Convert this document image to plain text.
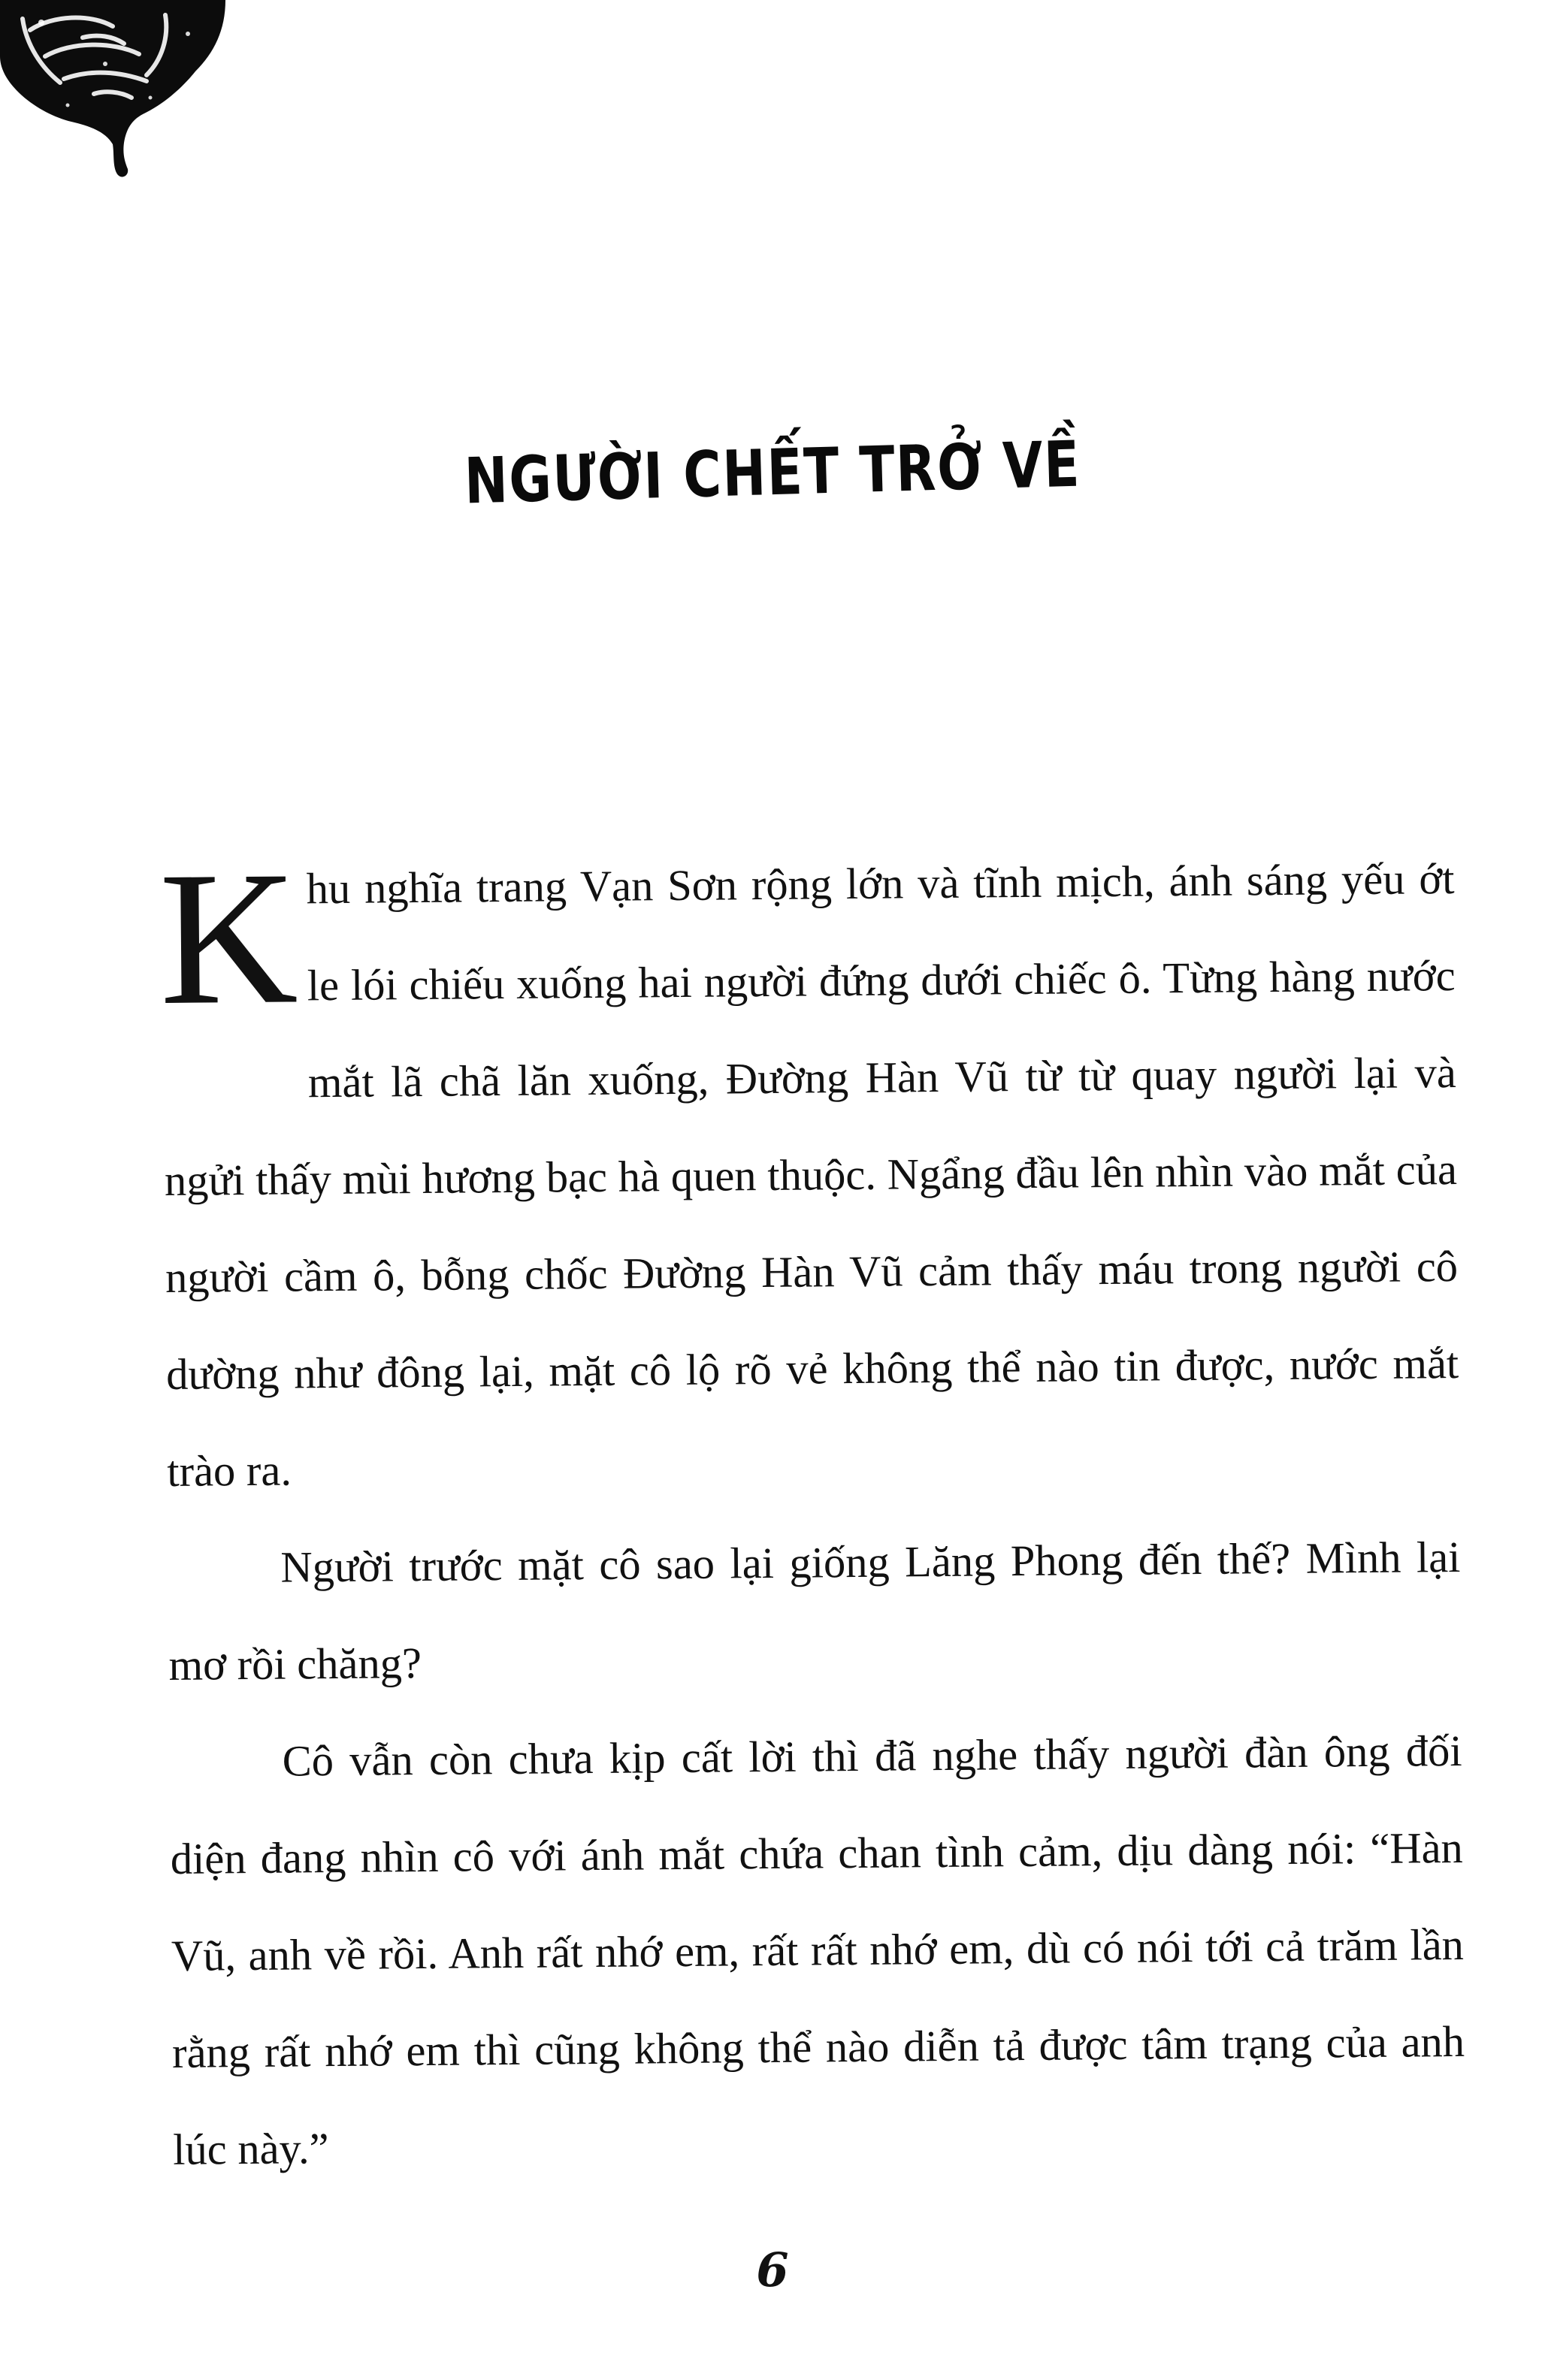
NGƯỜI CHẾT TRỞ VỀ

K hu nghĩa trang Vạn Sơn rộng lớn và tĩnh mịch, ánh sáng yếu ớt le lói chiếu xuống hai người đứng dưới chiếc ô. Từng hàng nước mắt lã chã lăn xuống, Đường Hàn Vũ từ từ quay người lại và ngửi thấy mùi hương bạc hà quen thuộc. Ngẩng đầu lên nhìn vào mắt của người cầm ô, bỗng chốc Đường Hàn Vũ cảm thấy máu trong người cô dường như đông lại, mặt cô lộ rõ vẻ không thể nào tin được, nước mắt trào ra.

Người trước mặt cô sao lại giống Lăng Phong đến thế? Mình lại mơ rồi chăng?

Cô vẫn còn chưa kịp cất lời thì đã nghe thấy người đàn ông đối diện đang nhìn cô với ánh mắt chứa chan tình cảm, dịu dàng nói: “Hàn Vũ, anh về rồi. Anh rất nhớ em, rất rất nhớ em, dù có nói tới cả trăm lần rằng rất nhớ em thì cũng không thể nào diễn tả được tâm trạng của anh lúc này.”

6
